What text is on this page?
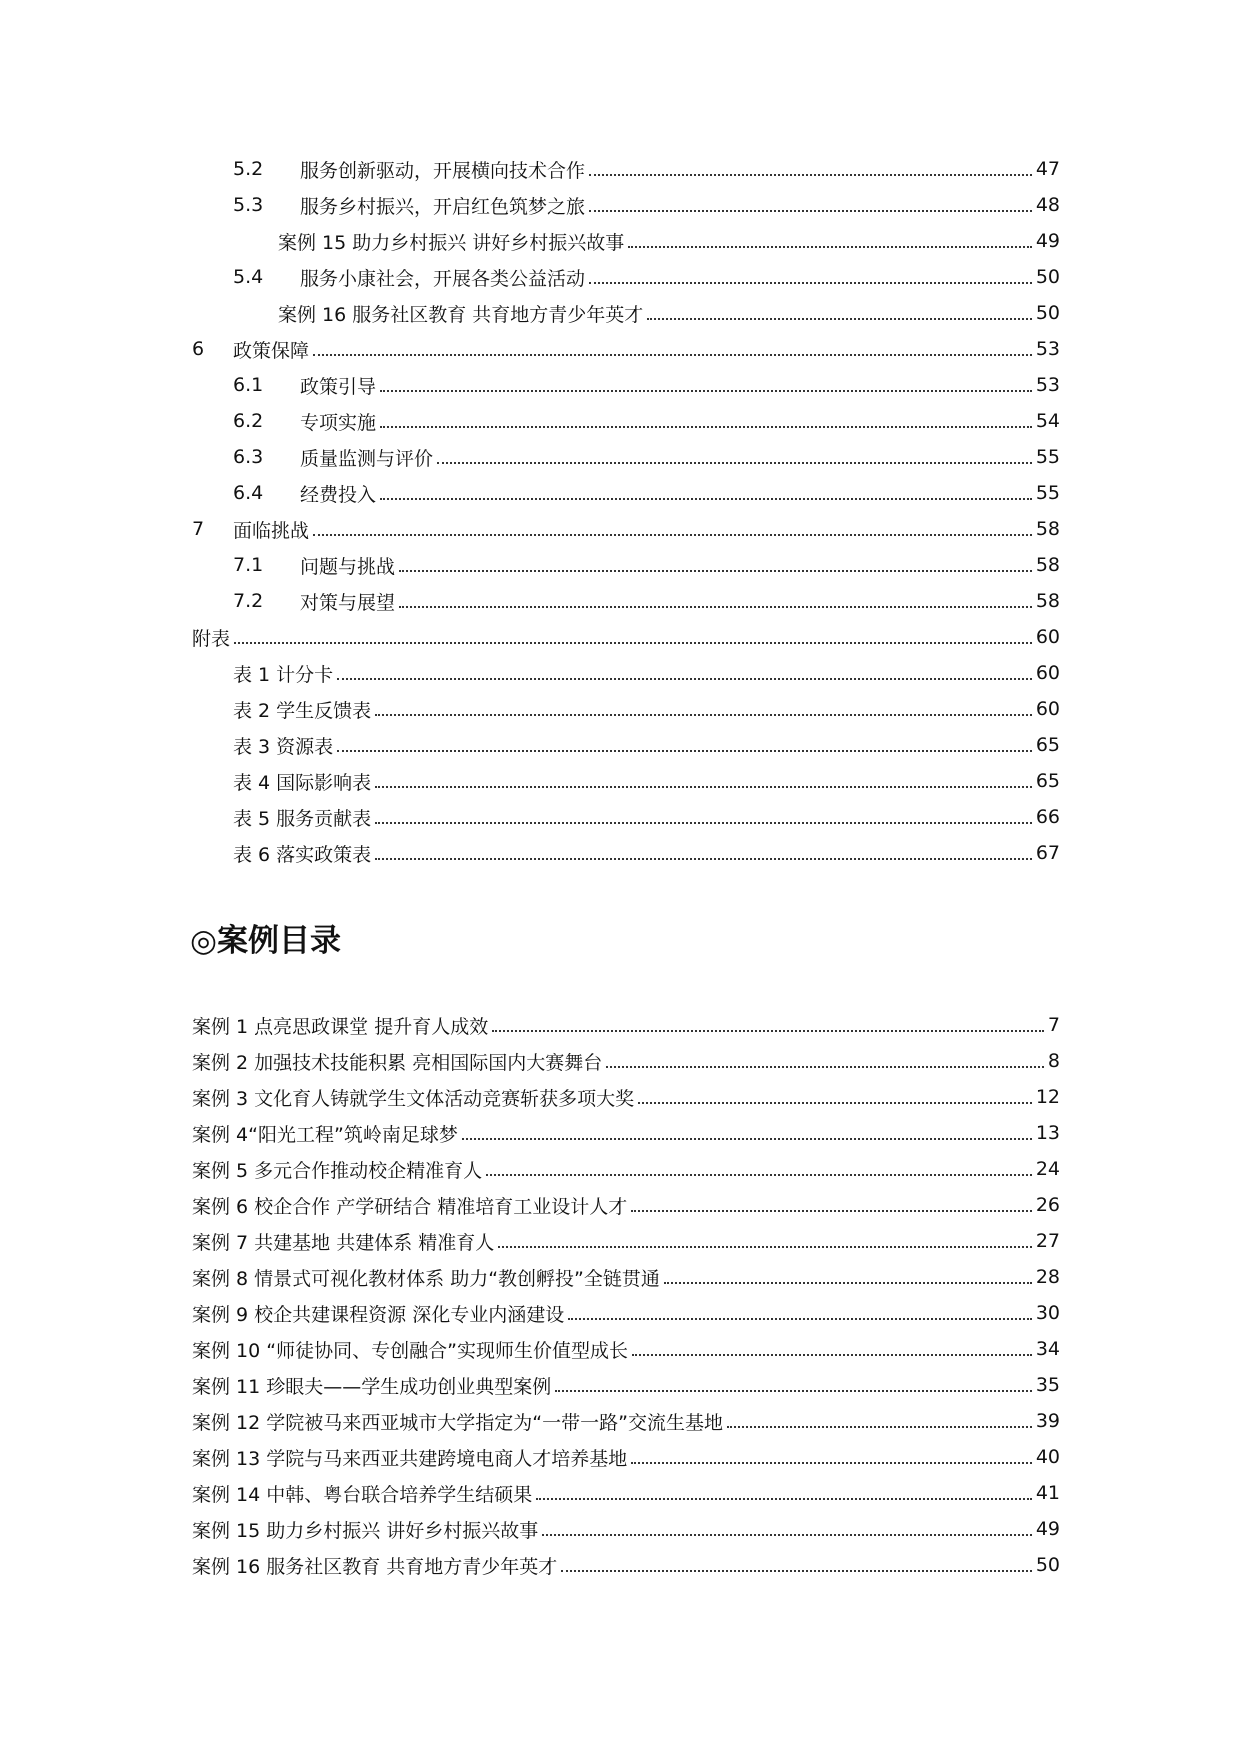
5.2 服务创新驱动，开展横向技术合作	47
5.3 服务乡村振兴，开启红色筑梦之旅	48
案例 15 助力乡村振兴 讲好乡村振兴故事	49
5.4 服务小康社会，开展各类公益活动	50
案例 16 服务社区教育 共育地方青少年英才	50
6 政策保障	53
6.1 政策引导	53
6.2 专项实施	54
6.3 质量监测与评价	55
6.4 经费投入	55
7 面临挑战	58
7.1 问题与挑战	58
7.2 对策与展望	58
附表	60
表 1 计分卡	60
表 2 学生反馈表	60
表 3 资源表	65
表 4 国际影响表	65
表 5 服务贡献表	66
表 6 落实政策表	67
◎案例目录
案例 1 点亮思政课堂 提升育人成效	7
案例 2 加强技术技能积累 亮相国际国内大赛舞台	8
案例 3 文化育人铸就学生文体活动竞赛斩获多项大奖	12
案例 4“阳光工程”筑岭南足球梦	13
案例 5 多元合作推动校企精准育人	24
案例 6 校企合作 产学研结合 精准培育工业设计人才	26
案例 7 共建基地 共建体系 精准育人	27
案例 8 情景式可视化教材体系 助力“教创孵投”全链贯通	28
案例 9 校企共建课程资源 深化专业内涵建设	30
案例 10 “师徒协同、专创融合”实现师生价值型成长	34
案例 11 珍眼夫——学生成功创业典型案例	35
案例 12 学院被马来西亚城市大学指定为“一带一路”交流生基地	39
案例 13 学院与马来西亚共建跨境电商人才培养基地	40
案例 14 中韩、粤台联合培养学生结硕果	41
案例 15 助力乡村振兴 讲好乡村振兴故事	49
案例 16 服务社区教育 共育地方青少年英才	50
